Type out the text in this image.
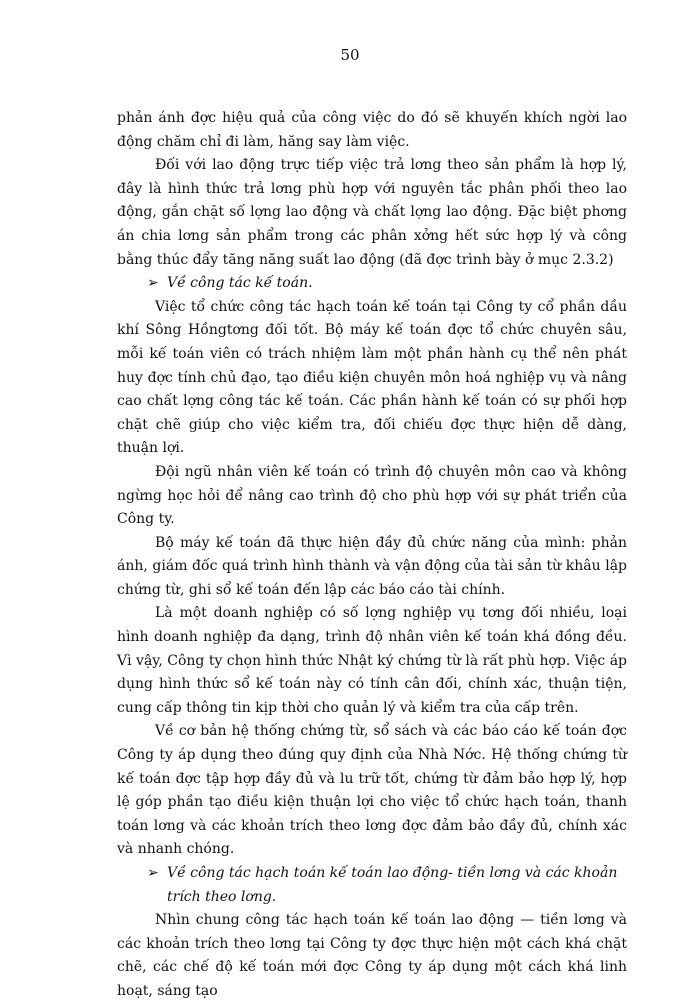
50

phản ánh đợc hiệu quả của công việc do đó sẽ khuyến khích ngời lao động chăm chỉ đi làm, hăng say làm việc.

Đối với lao động trực tiếp việc trả lơng theo sản phẩm là hợp lý, đây là hình thức trả lơng phù hợp với nguyên tắc phân phối theo lao động, gắn chặt số lợng lao động và chất lợng lao động. Đặc biệt phơng án chia lơng sản phẩm trong các phân xởng hết sức hợp lý và công bằng thúc đẩy tăng năng suất lao động (đã đợc trình bày ở mục 2.3.2)

➢ Về công tác kế toán.

Việc tổ chức công tác hạch toán kế toán tại Công ty cổ phần dầu khí Sông Hồngtơng đối tốt. Bộ máy kế toán đợc tổ chức chuyên sâu, mỗi kế toán viên có trách nhiệm làm một phần hành cụ thể nên phát huy đợc tính chủ đạo, tạo điều kiện chuyên môn hoá nghiệp vụ và nâng cao chất lợng công tác kế toán. Các phần hành kế toán có sự phối hợp chặt chẽ giúp cho việc kiểm tra, đối chiếu đợc thực hiện dễ dàng, thuận lợi.

Đội ngũ nhân viên kế toán có trình độ chuyên môn cao và không ngừng học hỏi để nâng cao trình độ cho phù hợp với sự phát triển của Công ty.

Bộ máy kế toán đã thực hiện đầy đủ chức năng của mình: phản ánh, giám đốc quá trình hình thành và vận động của tài sản từ khâu lập chứng từ, ghi sổ kế toán đến lập các báo cáo tài chính.

Là một doanh nghiệp có số lợng nghiệp vụ tơng đối nhiều, loại hình doanh nghiệp đa dạng, trình độ nhân viên kế toán khá đồng đều. Vì vậy, Công ty chọn hình thức Nhật ký chứng từ là rất phù hợp. Việc áp dụng hình thức sổ kế toán này có tính cân đối, chính xác, thuận tiện, cung cấp thông tin kịp thời cho quản lý và kiểm tra của cấp trên.

Về cơ bản hệ thống chứng từ, sổ sách và các báo cáo kế toán đợc Công ty áp dụng theo đúng quy định của Nhà Nớc. Hệ thống chứng từ kế toán đợc tập hợp đầy đủ và lu trữ tốt, chứng từ đảm bảo hợp lý, hợp lệ góp phần tạo điều kiện thuận lợi cho việc tổ chức hạch toán, thanh toán lơng và các khoản trích theo lơng đợc đảm bảo đầy đủ, chính xác và nhanh chóng.

➢ Về công tác hạch toán kế toán lao động- tiền lơng và các khoản trích theo lơng.

Nhìn chung công tác hạch toán kế toán lao động — tiền lơng và các khoản trích theo lơng tại Công ty đợc thực hiện một cách khá chặt chẽ, các chế độ kế toán mới đợc Công ty áp dụng một cách khá linh hoạt, sáng tạo
